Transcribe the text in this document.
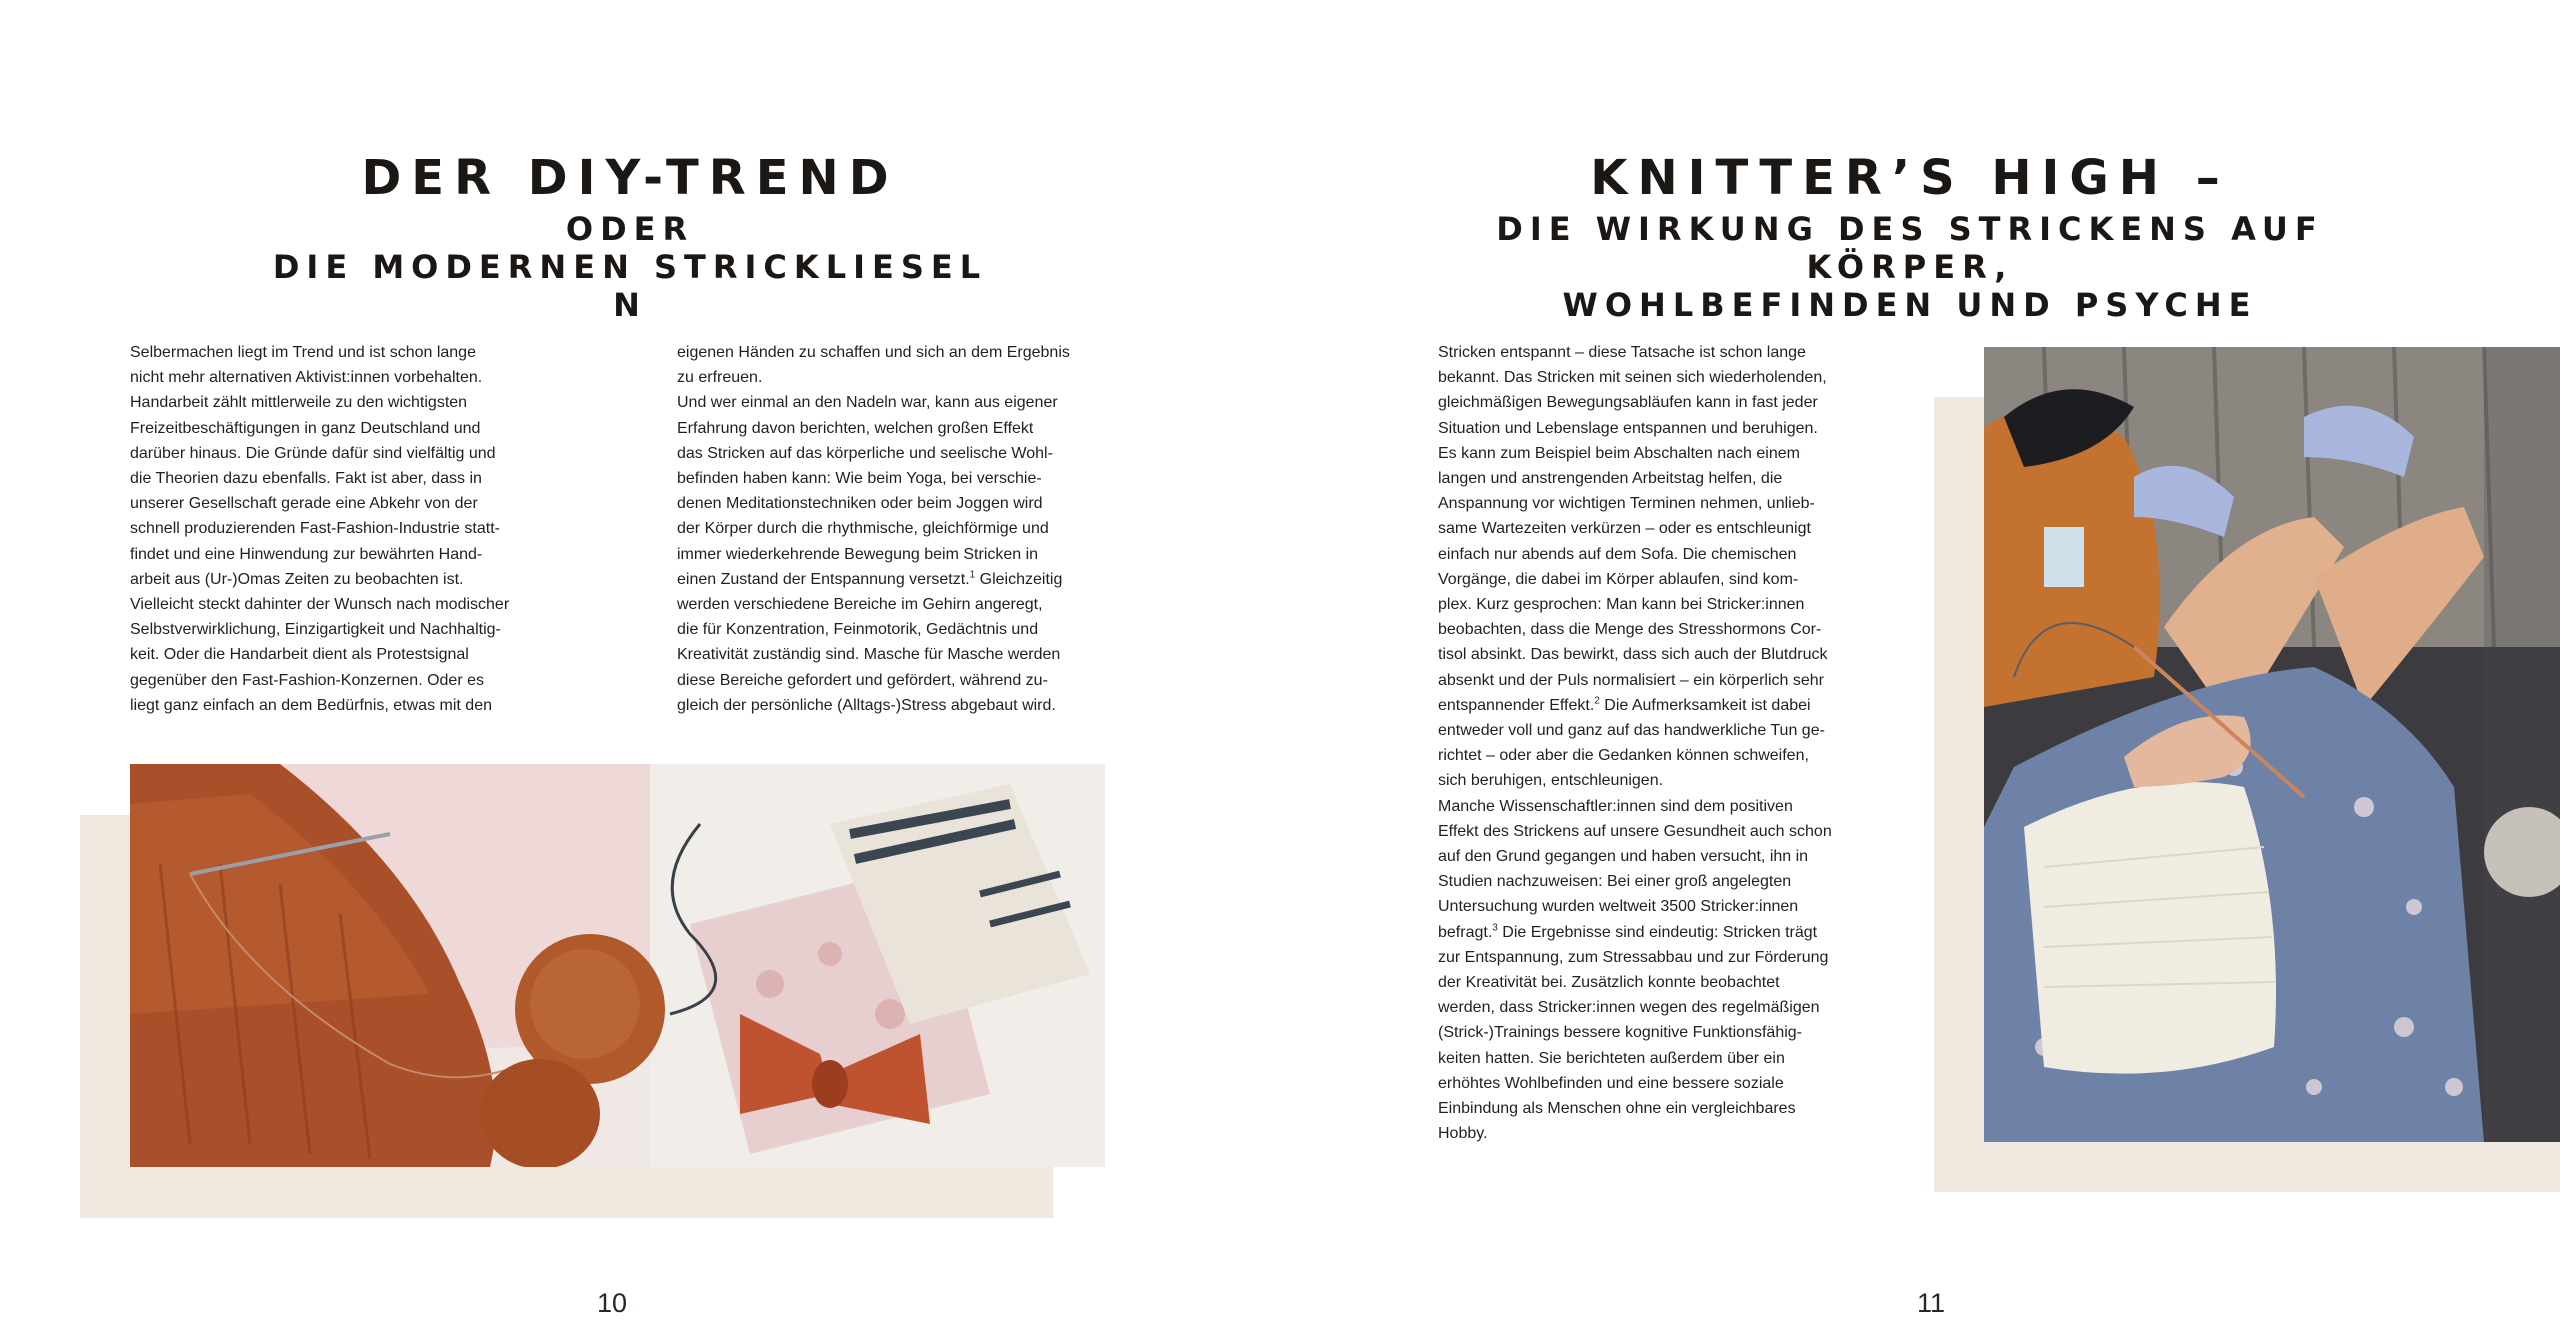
DER DIY-TREND
ODER
DIE MODERNEN STRICKLIESEL N
Selbermachen liegt im Trend und ist schon lange
nicht mehr alternativen Aktivist:innen vorbehalten.
Handarbeit zählt mittlerweile zu den wichtigsten
Freizeitbeschäftigungen in ganz Deutschland und
darüber hinaus. Die Gründe dafür sind vielfältig und
die Theorien dazu ebenfalls. Fakt ist aber, dass in
unserer Gesellschaft gerade eine Abkehr von der
schnell produzierenden Fast-Fashion-Industrie statt-
findet und eine Hinwendung zur bewährten Hand-
arbeit aus (Ur-)Omas Zeiten zu beobachten ist.
Vielleicht steckt dahinter der Wunsch nach modischer
Selbstverwirklichung, Einzigartigkeit und Nachhaltig-
keit. Oder die Handarbeit dient als Protestsignal
gegenüber den Fast-Fashion-Konzernen. Oder es
liegt ganz einfach an dem Bedürfnis, etwas mit den
eigenen Händen zu schaffen und sich an dem Ergebnis
zu erfreuen.
Und wer einmal an den Nadeln war, kann aus eigener
Erfahrung davon berichten, welchen großen Effekt
das Stricken auf das körperliche und seelische Wohl-
befinden haben kann: Wie beim Yoga, bei verschie-
denen Meditationstechniken oder beim Joggen wird
der Körper durch die rhythmische, gleichförmige und
immer wiederkehrende Bewegung beim Stricken in
einen Zustand der Entspannung versetzt.$^1$ Gleichzeitig
werden verschiedene Bereiche im Gehirn angeregt,
die für Konzentration, Feinmotorik, Gedächtnis und
Kreativität zuständig sind. Masche für Masche werden
diese Bereiche gefordert und gefördert, während zu-
gleich der persönliche (Alltags-)Stress abgebaut wird.
10
KNITTER’S HIGH –
DIE WIRKUNG DES STRICKENS AUF KÖRPER,
WOHLBEFINDEN UND PSYCHE
Stricken entspannt – diese Tatsache ist schon lange
bekannt. Das Stricken mit seinen sich wiederholenden,
gleichmäßigen Bewegungsabläufen kann in fast jeder
Situation und Lebenslage entspannen und beruhigen.
Es kann zum Beispiel beim Abschalten nach einem
langen und anstrengenden Arbeitstag helfen, die
Anspannung vor wichtigen Terminen nehmen, unlieb-
same Wartezeiten verkürzen – oder es entschleunigt
einfach nur abends auf dem Sofa. Die chemischen
Vorgänge, die dabei im Körper ablaufen, sind kom-
plex. Kurz gesprochen: Man kann bei Stricker:innen
beobachten, dass die Menge des Stresshormons Cor-
tisol absinkt. Das bewirkt, dass sich auch der Blutdruck
absenkt und der Puls normalisiert – ein körperlich sehr
entspannender Effekt.$^2$ Die Aufmerksamkeit ist dabei
entweder voll und ganz auf das handwerkliche Tun ge-
richtet – oder aber die Gedanken können schweifen,
sich beruhigen, entschleunigen.
Manche Wissenschaftler:innen sind dem positiven
Effekt des Strickens auf unsere Gesundheit auch schon
auf den Grund gegangen und haben versucht, ihn in
Studien nachzuweisen: Bei einer groß angelegten
Untersuchung wurden weltweit 3500 Stricker:innen
befragt.$^3$ Die Ergebnisse sind eindeutig: Stricken trägt
zur Entspannung, zum Stressabbau und zur Förderung
der Kreativität bei. Zusätzlich konnte beobachtet
werden, dass Stricker:innen wegen des regelmäßigen
(Strick-)Trainings bessere kognitive Funktionsfähig-
keiten hatten. Sie berichteten außerdem über ein
erhöhtes Wohlbefinden und eine bessere soziale
Einbindung als Menschen ohne ein vergleichbares
Hobby.
11
